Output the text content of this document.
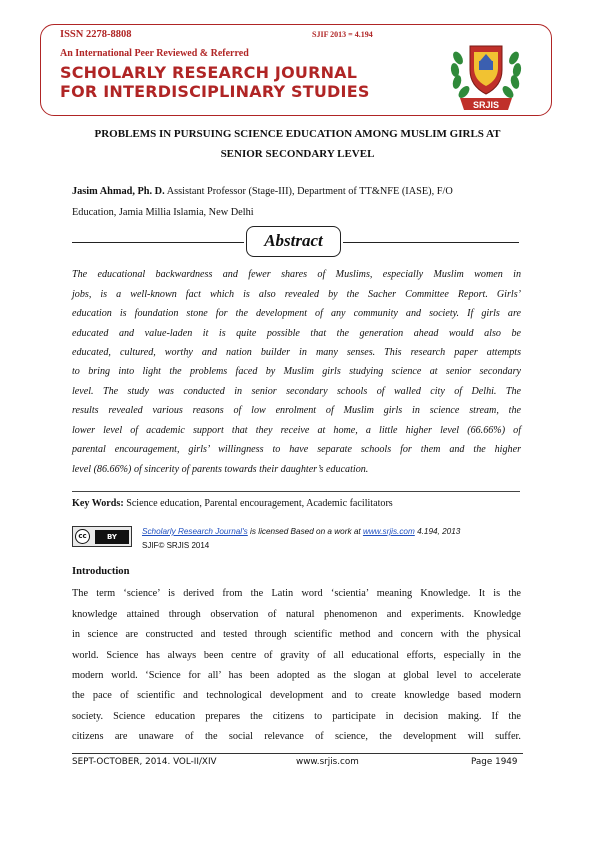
ISSN 2278-8808	SJIF 2013 = 4.194
An International Peer Reviewed & Referred
SCHOLARLY RESEARCH JOURNAL
FOR INTERDISCIPLINARY STUDIES
SRJIS
PROBLEMS IN PURSUING SCIENCE EDUCATION AMONG MUSLIM GIRLS AT
SENIOR SECONDARY LEVEL
Jasim Ahmad, Ph. D. Assistant Professor (Stage-III), Department of TT&NFE (IASE), F/O
Education, Jamia Millia Islamia, New Delhi
Abstract
The educational backwardness and fewer shares of Muslims, especially Muslim women in
jobs, is a well-known fact which is also revealed by the Sacher Committee Report. Girls’
education is foundation stone for the development of any community and society. If girls are
educated and value-laden it is quite possible that the generation ahead would also be
educated, cultured, worthy and nation builder in many senses. This research paper attempts
to bring into light the problems faced by Muslim girls studying science at senior secondary
level. The study was conducted in senior secondary schools of walled city of Delhi. The
results revealed various reasons of low enrolment of Muslim girls in science stream, the
lower level of academic support that they receive at home, a little higher level (66.66%) of
parental encouragement, girls’ willingness to have separate schools for them and the higher
level (86.66%) of sincerity of parents towards their daughter’s education.
Key Words: Science education, Parental encouragement, Academic facilitators
cc	BY
Scholarly Research Journal's is licensed Based on a work at www.srjis.com 4.194, 2013
SJIF© SRJIS 2014
Introduction
The term ‘science’ is derived from the Latin word ‘scientia’ meaning Knowledge. It is the
knowledge attained through observation of natural phenomenon and experiments. Knowledge
in science are constructed and tested through scientific method and concern with the physical
world. Science has always been centre of gravity of all educational efforts, especially in the
modern world. ‘Science for all’ has been adopted as the slogan at global level to accelerate
the pace of scientific and technological development and to create knowledge based modern
society. Science education prepares the citizens to participate in decision making. If the
citizens are unaware of the social relevance of science, the development will suffer.
SEPT-OCTOBER, 2014. VOL-II/XIV	www.srjis.com	Page 1949
